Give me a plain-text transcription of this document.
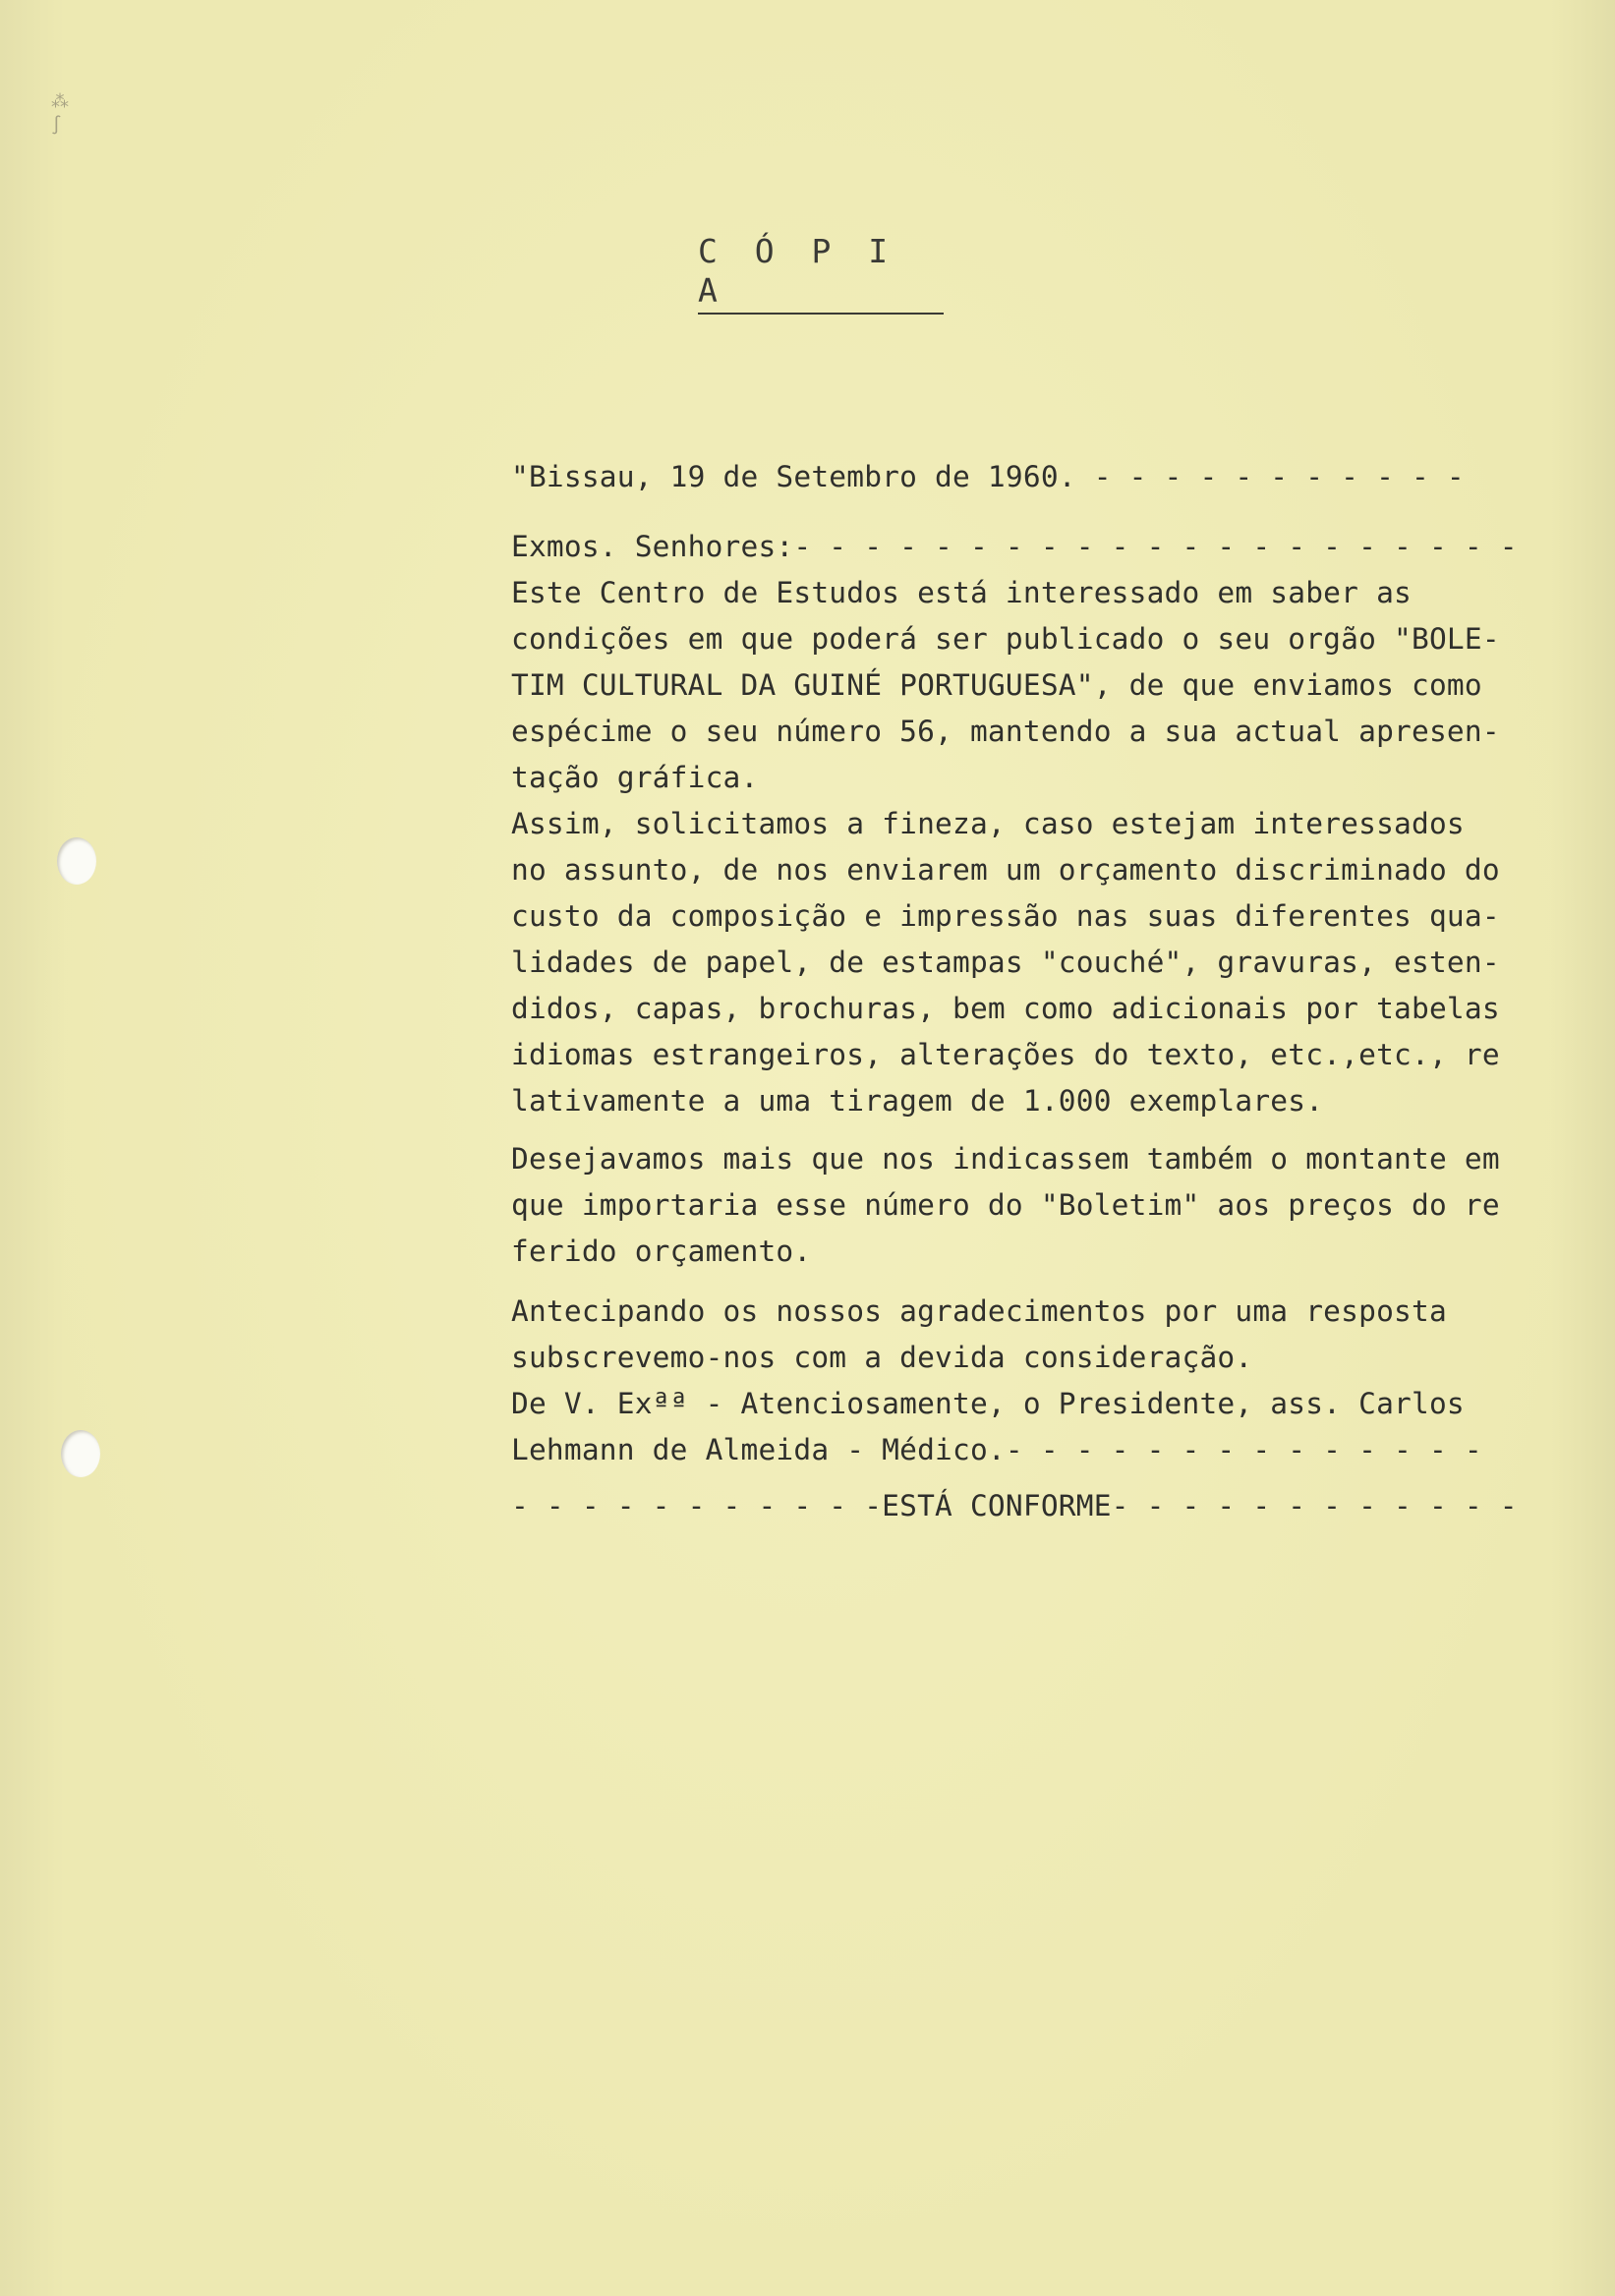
⁂
∫
C Ó P I A
"Bissau, 19 de Setembro de 1960. - - - - - - - - - - -
Exmos. Senhores:- - - - - - - - - - - - - - - - - - - - -
Este Centro de Estudos está interessado em saber as
condições em que poderá ser publicado o seu orgão "BOLE-
TIM CULTURAL DA GUINÉ PORTUGUESA", de que enviamos como
espécime o seu número 56, mantendo a sua actual apresen-
tação gráfica.
Assim, solicitamos a fineza, caso estejam interessados
no assunto, de nos enviarem um orçamento discriminado do
custo da composição e impressão nas suas diferentes qua-
lidades de papel, de estampas "couché", gravuras, esten-
didos, capas, brochuras, bem como adicionais por tabelas
idiomas estrangeiros, alterações do texto, etc.,etc., re
lativamente a uma tiragem de 1.000 exemplares.
Desejavamos mais que nos indicassem também o montante em
que importaria esse número do "Boletim" aos preços do re
ferido orçamento.
Antecipando os nossos agradecimentos por uma resposta
subscrevemo-nos com a devida consideração.
De V. Exªª - Atenciosamente, o Presidente, ass. Carlos
Lehmann de Almeida - Médico.- - - - - - - - - - - - - -
- - - - - - - - - - -ESTÁ CONFORME- - - - - - - - - - - -
